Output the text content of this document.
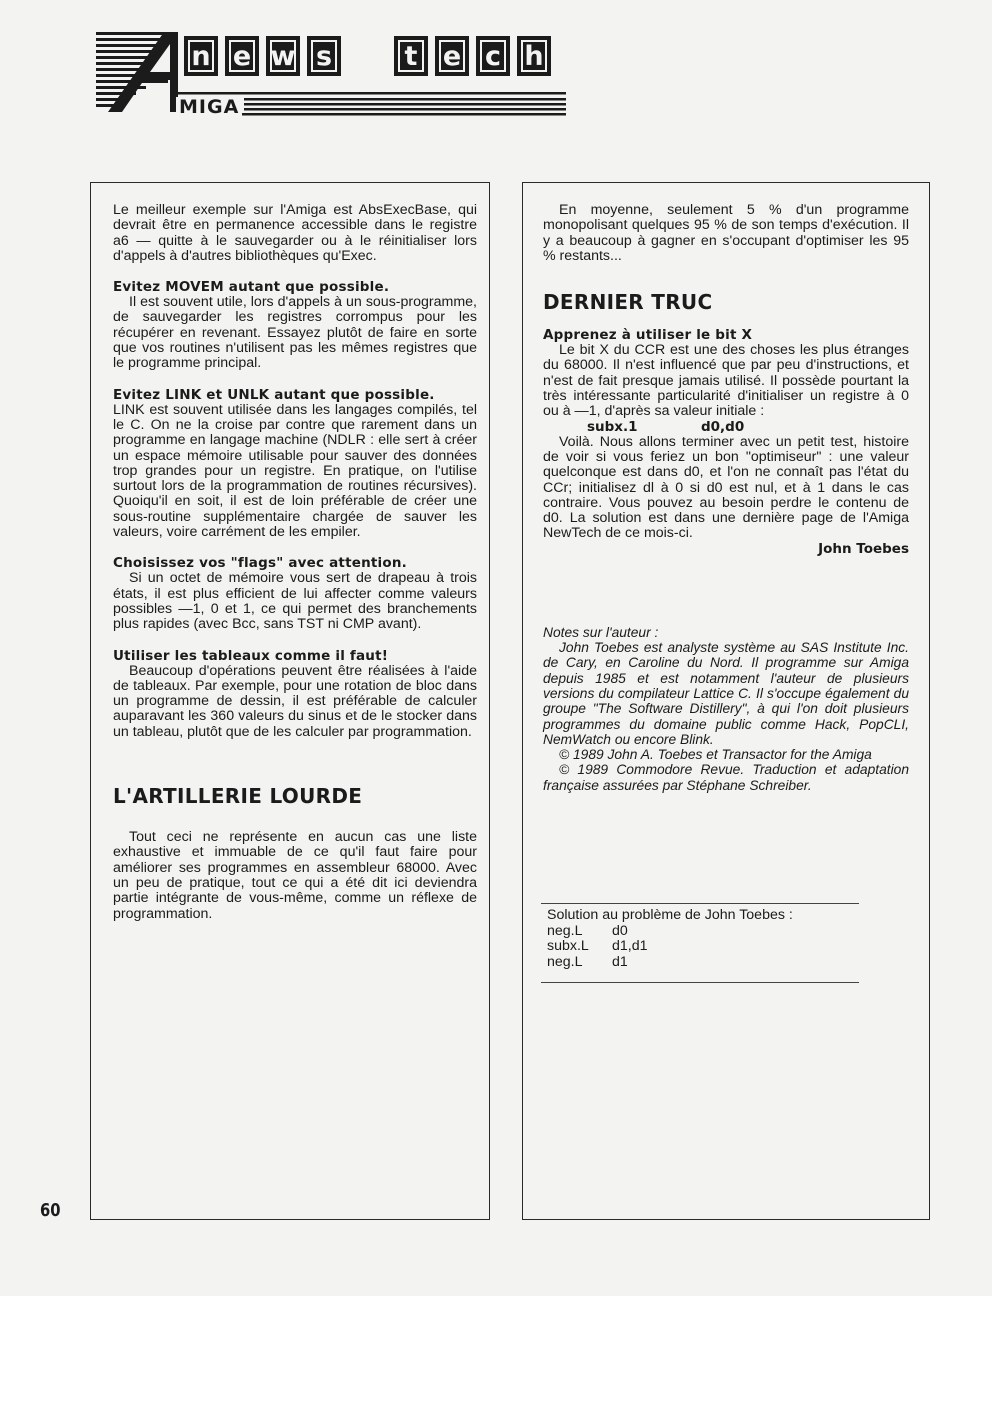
n e w s	t e c h
MIGA

Le meilleur exemple sur l'Amiga est AbsExecBase, qui devrait être en permanence accessible dans le registre a6 — quitte à le sauvegarder ou à le réinitialiser lors d'appels à d'autres bibliothèques qu'Exec.

Evitez MOVEM autant que possible.

Il est souvent utile, lors d'appels à un sous-programme, de sauvegarder les registres corrompus pour les récupérer en revenant. Essayez plutôt de faire en sorte que vos routines n'utilisent pas les mêmes registres que le programme principal.

Evitez LINK et UNLK autant que possible.

LINK est souvent utilisée dans les langages compilés, tel le C. On ne la croise par contre que rarement dans un programme en langage machine (NDLR : elle sert à créer un espace mémoire utilisable pour sauver des données trop grandes pour un registre. En pratique, on l'utilise surtout lors de la programmation de routines récursives). Quoiqu'il en soit, il est de loin préférable de créer une sous-routine supplémentaire chargée de sauver les valeurs, voire carrément de les empiler.

Choisissez vos "flags" avec attention.

Si un octet de mémoire vous sert de drapeau à trois états, il est plus efficient de lui affecter comme valeurs possibles —1, 0 et 1, ce qui permet des branchements plus rapides (avec Bcc, sans TST ni CMP avant).

Utiliser les tableaux comme il faut!

Beaucoup d'opérations peuvent être réalisées à l'aide de tableaux. Par exemple, pour une rotation de bloc dans un programme de dessin, il est préférable de calculer auparavant les 360 valeurs du sinus et de le stocker dans un tableau, plutôt que de les calculer par programmation.

L'ARTILLERIE LOURDE

Tout ceci ne représente en aucun cas une liste exhaustive et immuable de ce qu'il faut faire pour améliorer ses programmes en assembleur 68000. Avec un peu de pratique, tout ce qui a été dit ici deviendra partie intégrante de vous-même, comme un réflexe de programmation.

En moyenne, seulement 5 % d'un programme monopolisant quelques 95 % de son temps d'exécution. Il y a beaucoup à gagner en s'occupant d'optimiser les 95 % restants...

DERNIER TRUC
Apprenez à utiliser le bit X

Le bit X du CCR est une des choses les plus étranges du 68000. Il n'est influencé que par peu d'instructions, et n'est de fait presque jamais utilisé. Il possède pourtant la très intéressante particularité d'initialiser un registre à 0 ou à —1, d'après sa valeur initiale :

subx.1	d0,d0

Voilà. Nous allons terminer avec un petit test, histoire de voir si vous feriez un bon "optimiseur" : une valeur quelconque est dans d0, et l'on ne connaît pas l'état du CCr; initialisez dl à 0 si d0 est nul, et à 1 dans le cas contraire. Vous pouvez au besoin perdre le contenu de d0. La solution est dans une dernière page de l'Amiga NewTech de ce mois-ci.

John Toebes

Notes sur l'auteur :

John Toebes est analyste système au SAS Institute Inc. de Cary, en Caroline du Nord. Il programme sur Amiga depuis 1985 et est notamment l'auteur de plusieurs versions du compilateur Lattice C. Il s'occupe également du groupe "The Software Distillery", à qui l'on doit plusieurs programmes du domaine public comme Hack, PopCLI, NemWatch ou encore Blink.

© 1989 John A. Toebes et Transactor for the Amiga

© 1989 Commodore Revue. Traduction et adaptation française assurées par Stéphane Schreiber.

Solution au problème de John Toebes :

neg.L	d0
subx.L	d1,d1
neg.L	d1
60
